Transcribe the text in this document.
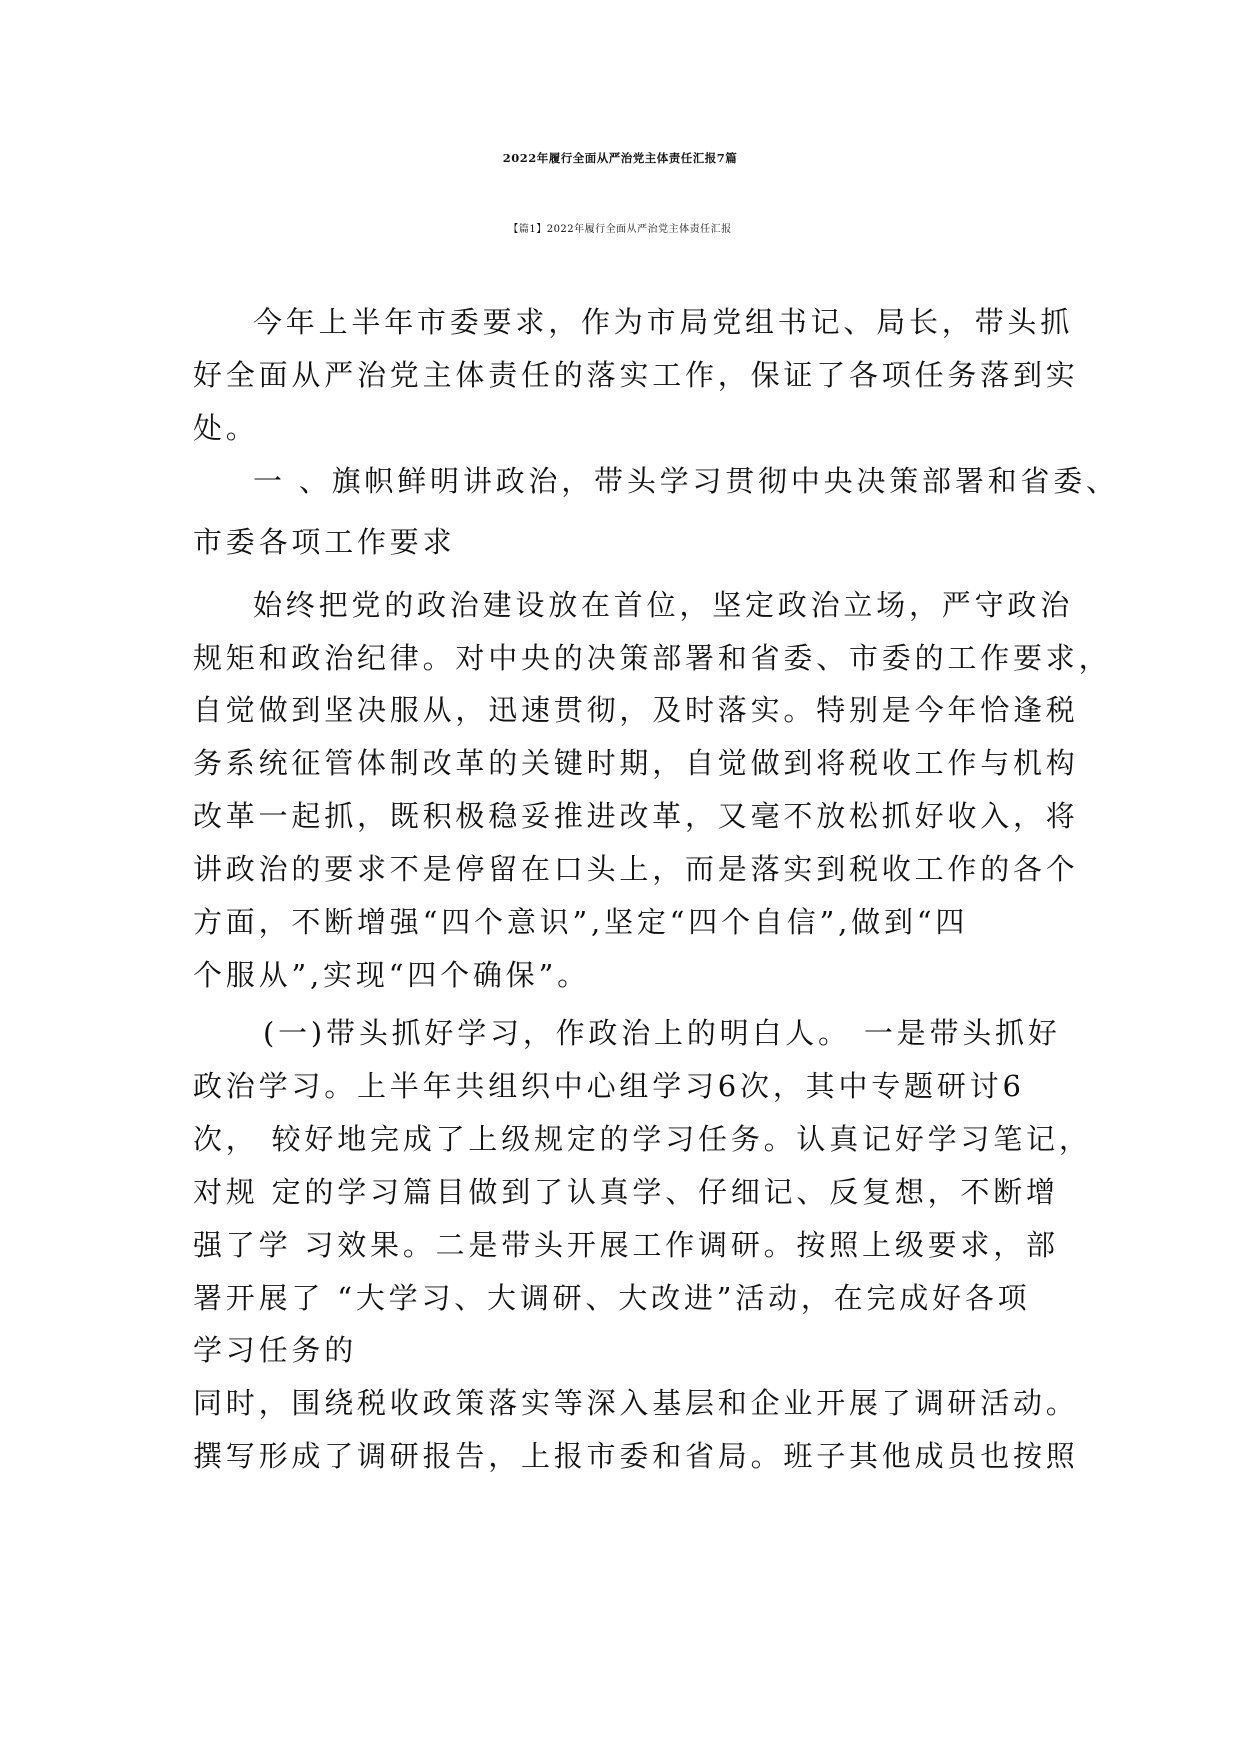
2022年履行全面从严治党主体责任汇报7篇
【篇1】2022年履行全面从严治党主体责任汇报
今年上半年市委要求，作为市局党组书记、局长，带头抓
好全面从严治党主体责任的落实工作，保证了各项任务落到实
处。
一 、旗帜鲜明讲政治，带头学习贯彻中央决策部署和省委、
市委各项工作要求
始终把党的政治建设放在首位，坚定政治立场，严守政治
规矩和政治纪律。对中央的决策部署和省委、市委的工作要求，
自觉做到坚决服从，迅速贯彻，及时落实。特别是今年恰逢税
务系统征管体制改革的关键时期，自觉做到将税收工作与机构
改革一起抓，既积极稳妥推进改革，又毫不放松抓好收入，将
讲政治的要求不是停留在口头上，而是落实到税收工作的各个
方面，不断增强“四个意识”,坚定“四个自信”,做到“四
个服从”,实现“四个确保”。
(一)带头抓好学习，作政治上的明白人。 一是带头抓好
政治学习。上半年共组织中心组学习6次，其中专题研讨6
次， 较好地完成了上级规定的学习任务。认真记好学习笔记，
对规 定的学习篇目做到了认真学、仔细记、反复想，不断增
强了学 习效果。二是带头开展工作调研。按照上级要求，部
署开展了 “大学习、大调研、大改进”活动，在完成好各项
学习任务的
同时，围绕税收政策落实等深入基层和企业开展了调研活动。
撰写形成了调研报告，上报市委和省局。班子其他成员也按照
